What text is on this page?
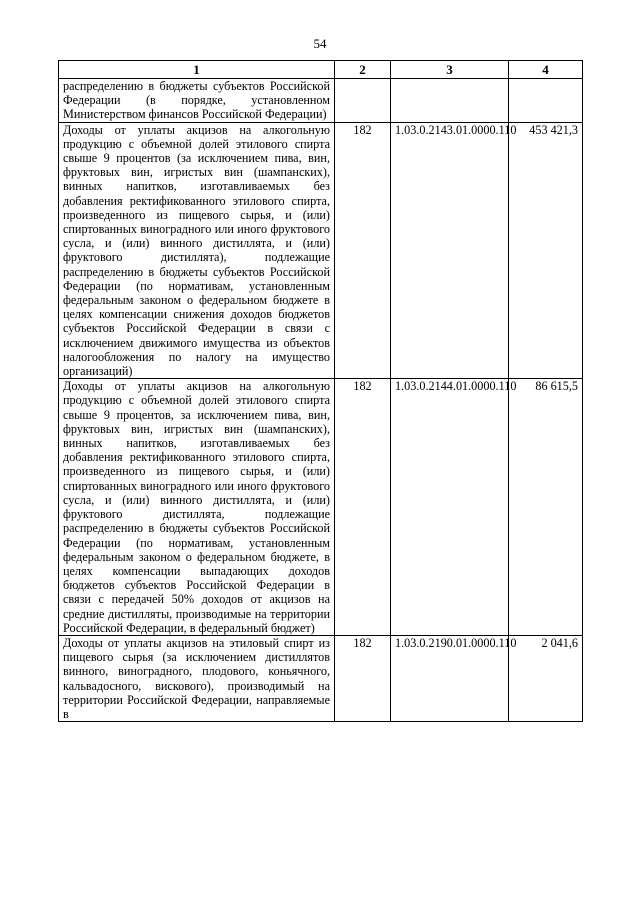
54
1	2	3	4
распределению в бюджеты субъектов Российской Федерации (в порядке, установленном Министерством финансов Российской Федерации)			
Доходы от уплаты акцизов на алкогольную продукцию с объемной долей этилового спирта свыше 9 процентов (за исключением пива, вин, фруктовых вин, игристых вин (шампанских), винных напитков, изготавливаемых без добавления ректификованного этилового спирта, произведенного из пищевого сырья, и (или) спиртованных виноградного или иного фруктового сусла, и (или) винного дистиллята, и (или) фруктового дистиллята), подлежащие распределению в бюджеты субъектов Российской Федерации (по нормативам, установленным федеральным законом о федеральном бюджете в целях компенсации снижения доходов бюджетов субъектов Российской Федерации в связи с исключением движимого имущества из объектов налогообложения по налогу на имущество организаций)	182	1.03.0.2143.01.0000.110	453 421,3
Доходы от уплаты акцизов на алкогольную продукцию с объемной долей этилового спирта свыше 9 процентов, за исключением пива, вин, фруктовых вин, игристых вин (шампанских), винных напитков, изготавливаемых без добавления ректификованного этилового спирта, произведенного из пищевого сырья, и (или) спиртованных виноградного или иного фруктового сусла, и (или) винного дистиллята, и (или) фруктового дистиллята, подлежащие распределению в бюджеты субъектов Российской Федерации (по нормативам, установленным федеральным законом о федеральном бюджете, в целях компенсации выпадающих доходов бюджетов субъектов Российской Федерации в связи с передачей 50% доходов от акцизов на средние дистилляты, производимые на территории Российской Федерации, в федеральный бюджет)	182	1.03.0.2144.01.0000.110	86 615,5
Доходы от уплаты акцизов на этиловый спирт из пищевого сырья (за исключением дистиллятов винного, виноградного, плодового, коньячного, кальвадосного, вискового), производимый на территории Российской Федерации, направляемые в	182	1.03.0.2190.01.0000.110	2 041,6
